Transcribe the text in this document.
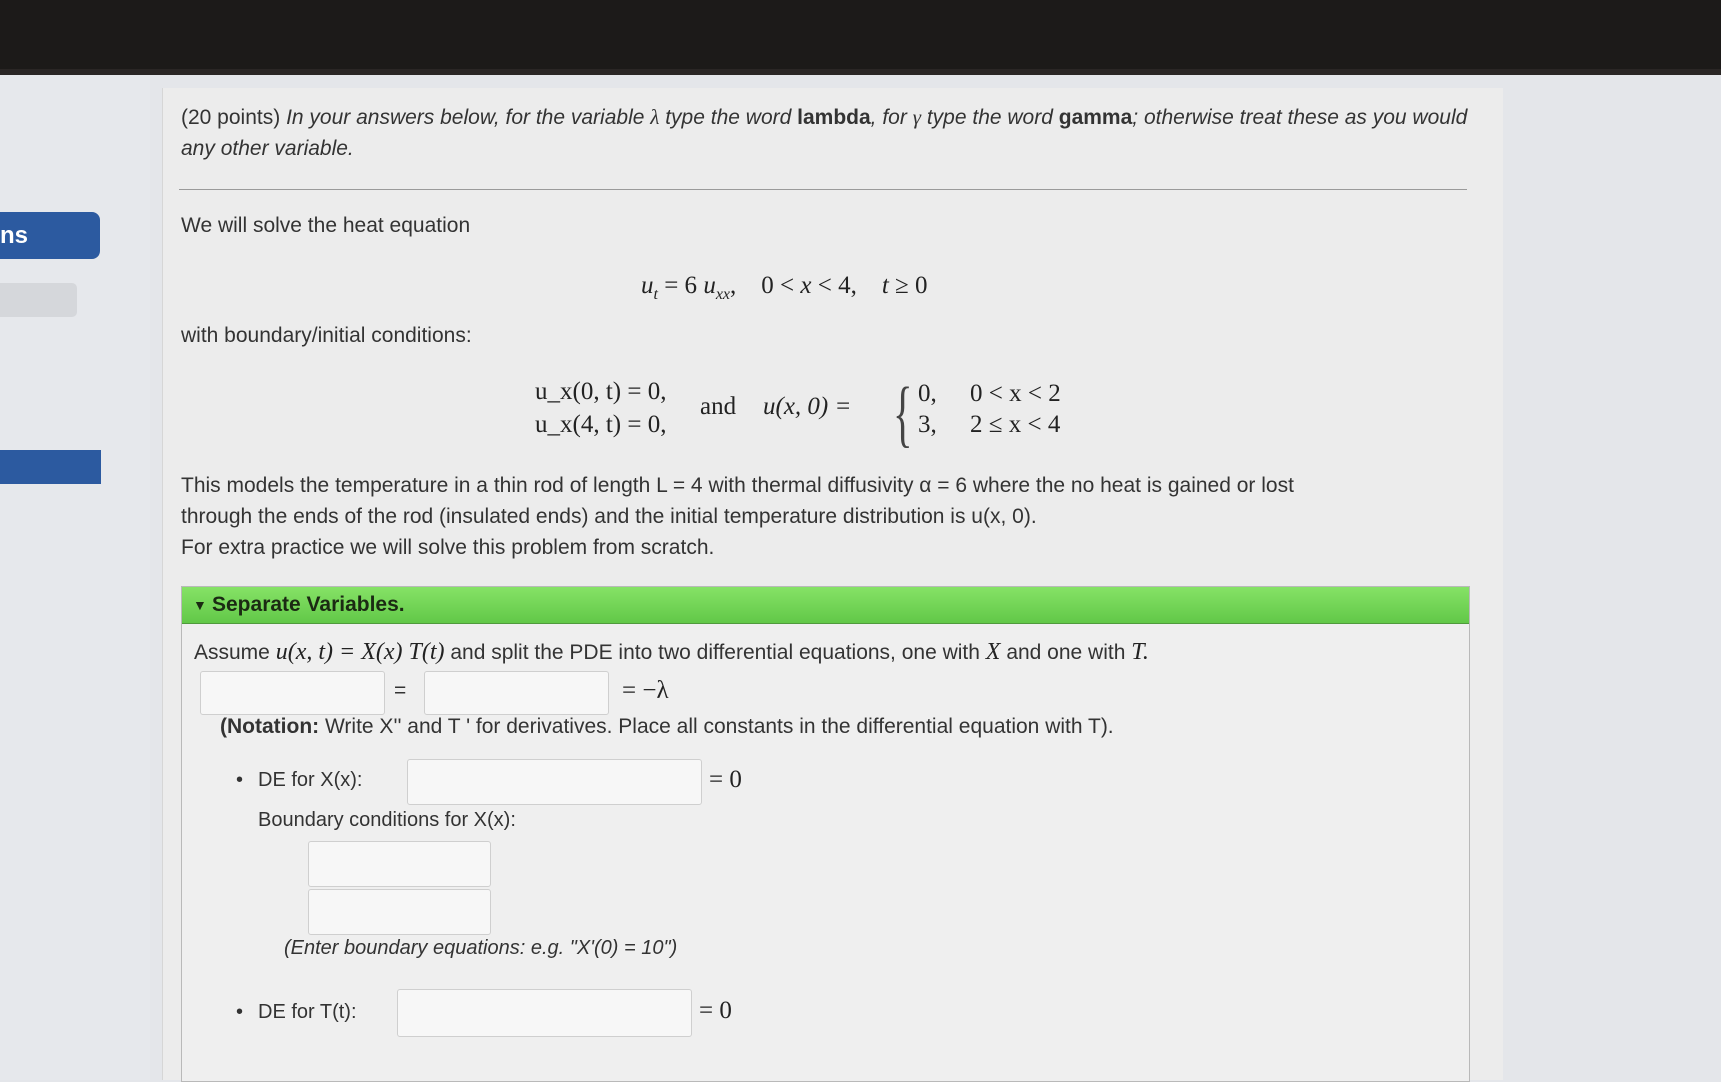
ns
(20 points) In your answers below, for the variable λ type the word lambda, for γ type the word gamma; otherwise treat these as you would any other variable.
We will solve the heat equation
$u_t = 6$ $u_{xx}$,    0 < x < 4,    t ≥ 0
with boundary/initial conditions:
u_x(0, t) = 0,
u_x(4, t) = 0,
and u(x, 0) = { 0, 0 < x < 2
3, 2 ≤ x < 4
This models the temperature in a thin rod of length L = 4 with thermal diffusivity α = 6 where the no heat is gained or lost
through the ends of the rod (insulated ends) and the initial temperature distribution is u(x, 0).
For extra practice we will solve this problem from scratch.
▼ Separate Variables.
Assume u(x, t) = X(x) T(t) and split the PDE into two differential equations, one with X and one with T.
=	= −λ
(Notation: Write X'' and T ' for derivatives. Place all constants in the differential equation with T).
• DE for X(x):	= 0
Boundary conditions for X(x):
(Enter boundary equations: e.g. "X'(0) = 10")
• DE for T(t):	= 0
